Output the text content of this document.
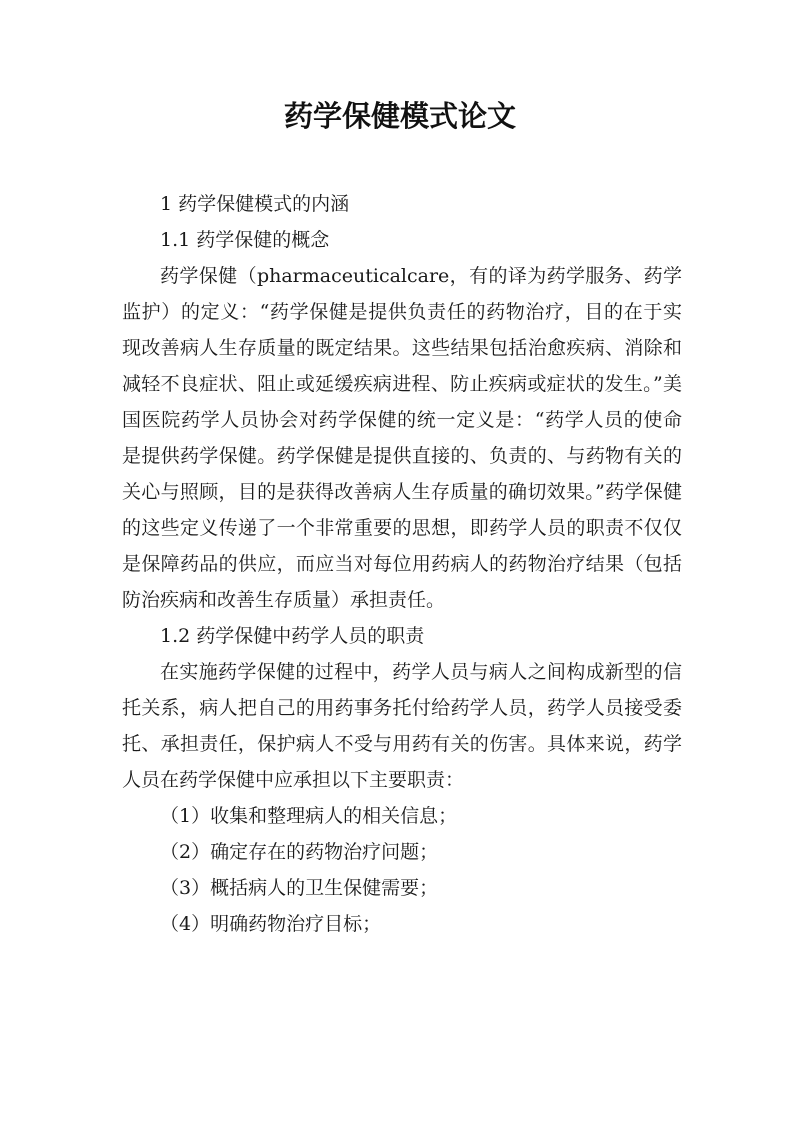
药学保健模式论文

1 药学保健模式的内涵

1.1 药学保健的概念

药学保健（pharmaceuticalcare，有的译为药学服务、药学监护）的定义：“药学保健是提供负责任的药物治疗，目的在于实现改善病人生存质量的既定结果。这些结果包括治愈疾病、消除和减轻不良症状、阻止或延缓疾病进程、防止疾病或症状的发生。”美国医院药学人员协会对药学保健的统一定义是：“药学人员的使命是提供药学保健。药学保健是提供直接的、负责的、与药物有关的关心与照顾，目的是获得改善病人生存质量的确切效果。”药学保健的这些定义传递了一个非常重要的思想，即药学人员的职责不仅仅是保障药品的供应，而应当对每位用药病人的药物治疗结果（包括防治疾病和改善生存质量）承担责任。

1.2 药学保健中药学人员的职责

在实施药学保健的过程中，药学人员与病人之间构成新型的信托关系，病人把自己的用药事务托付给药学人员，药学人员接受委托、承担责任，保护病人不受与用药有关的伤害。具体来说，药学人员在药学保健中应承担以下主要职责：

（1）收集和整理病人的相关信息；

（2）确定存在的药物治疗问题；

（3）概括病人的卫生保健需要；

（4）明确药物治疗目标；
